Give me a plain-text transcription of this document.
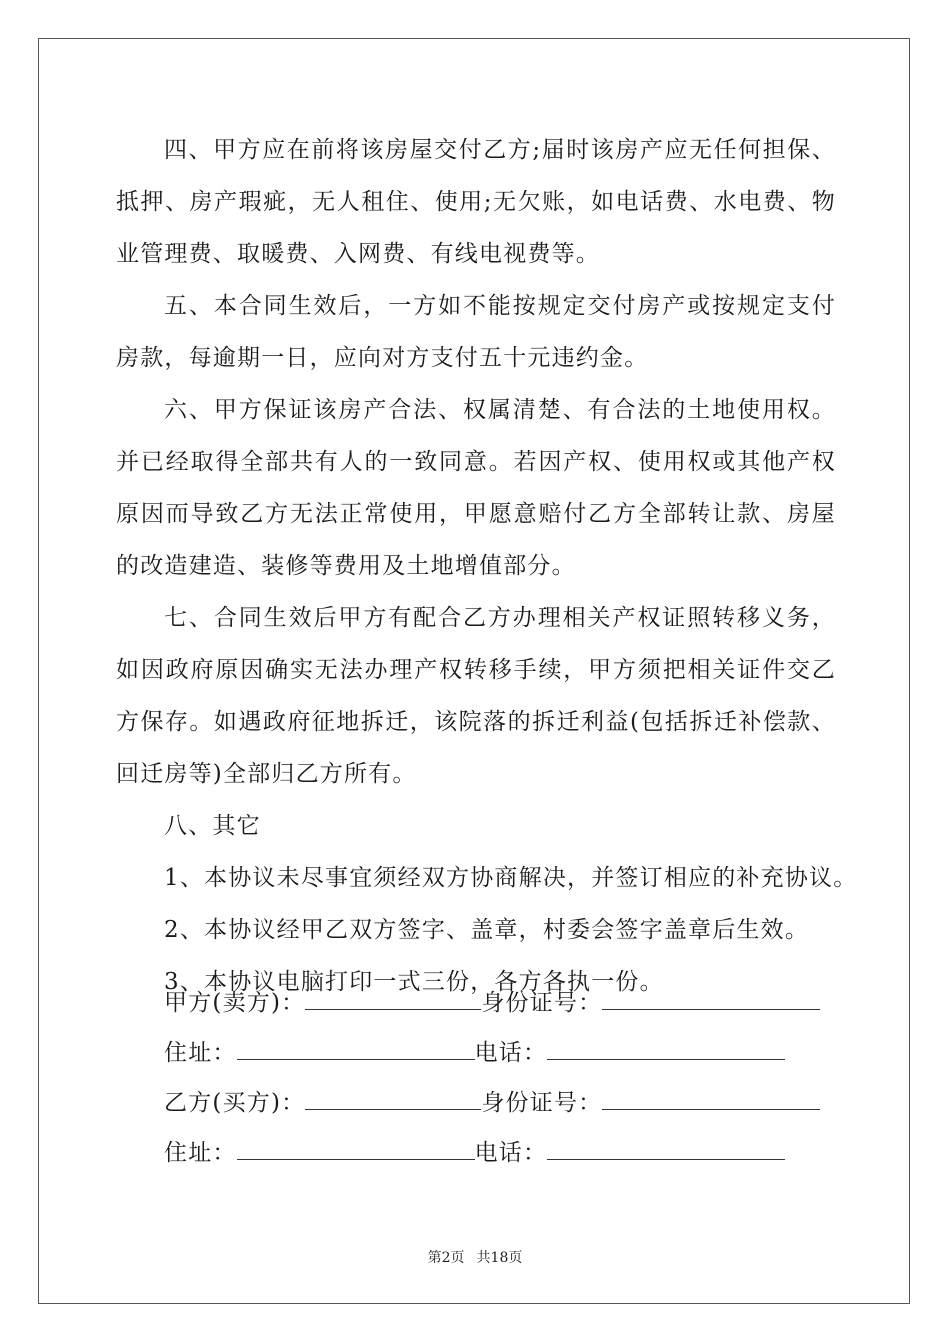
四、甲方应在前将该房屋交付乙方;届时该房产应无任何担保、抵押、房产瑕疵，无人租住、使用;无欠账，如电话费、水电费、物业管理费、取暖费、入网费、有线电视费等。

五、本合同生效后，一方如不能按规定交付房产或按规定支付房款，每逾期一日，应向对方支付五十元违约金。

六、甲方保证该房产合法、权属清楚、有合法的土地使用权。并已经取得全部共有人的一致同意。若因产权、使用权或其他产权原因而导致乙方无法正常使用，甲愿意赔付乙方全部转让款、房屋的改造建造、装修等费用及土地增值部分。

七、合同生效后甲方有配合乙方办理相关产权证照转移义务，如因政府原因确实无法办理产权转移手续，甲方须把相关证件交乙方保存。如遇政府征地拆迁，该院落的拆迁利益(包括拆迁补偿款、回迁房等)全部归乙方所有。

八、其它

1、本协议未尽事宜须经双方协商解决，并签订相应的补充协议。

2、本协议经甲乙双方签字、盖章，村委会签字盖章后生效。

3、本协议电脑打印一式三份，各方各执一份。

甲方(卖方)：	身份证号：
住址：	电话：
乙方(买方)：	身份证号：
住址：	电话：
第2页 共18页
